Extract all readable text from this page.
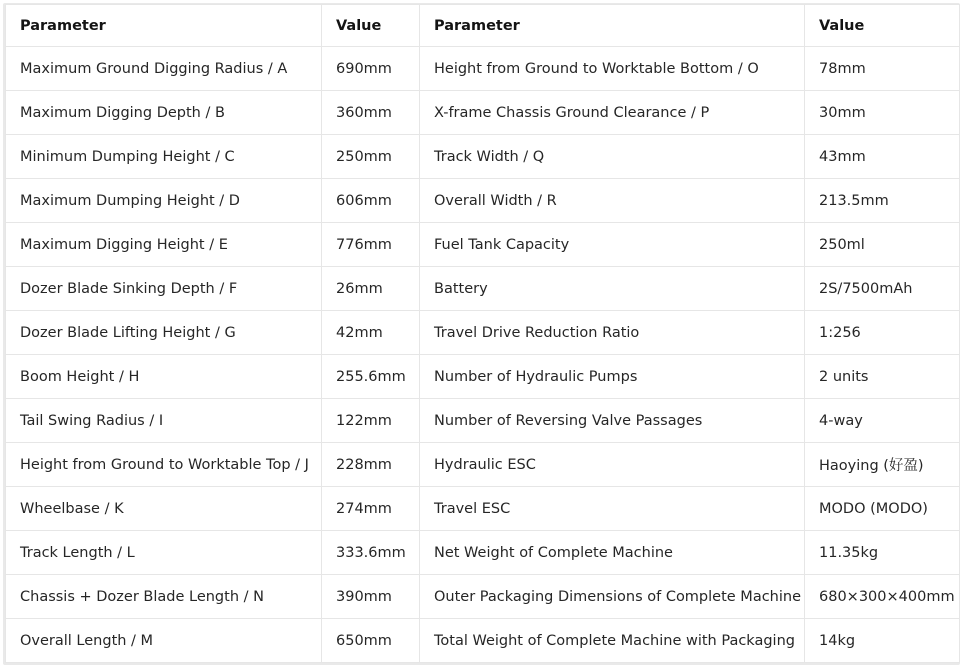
Parameter	Value	Parameter	Value
Maximum Ground Digging Radius / A	690mm	Height from Ground to Worktable Bottom / O	78mm
Maximum Digging Depth / B	360mm	X-frame Chassis Ground Clearance / P	30mm
Minimum Dumping Height / C	250mm	Track Width / Q	43mm
Maximum Dumping Height / D	606mm	Overall Width / R	213.5mm
Maximum Digging Height / E	776mm	Fuel Tank Capacity	250ml
Dozer Blade Sinking Depth / F	26mm	Battery	2S/7500mAh
Dozer Blade Lifting Height / G	42mm	Travel Drive Reduction Ratio	1:256
Boom Height / H	255.6mm	Number of Hydraulic Pumps	2 units
Tail Swing Radius / I	122mm	Number of Reversing Valve Passages	4-way
Height from Ground to Worktable Top / J	228mm	Hydraulic ESC	Haoying (好盈)
Wheelbase / K	274mm	Travel ESC	MODO (MODO)
Track Length / L	333.6mm	Net Weight of Complete Machine	11.35kg
Chassis + Dozer Blade Length / N	390mm	Outer Packaging Dimensions of Complete Machine	680×300×400mm
Overall Length / M	650mm	Total Weight of Complete Machine with Packaging	14kg
